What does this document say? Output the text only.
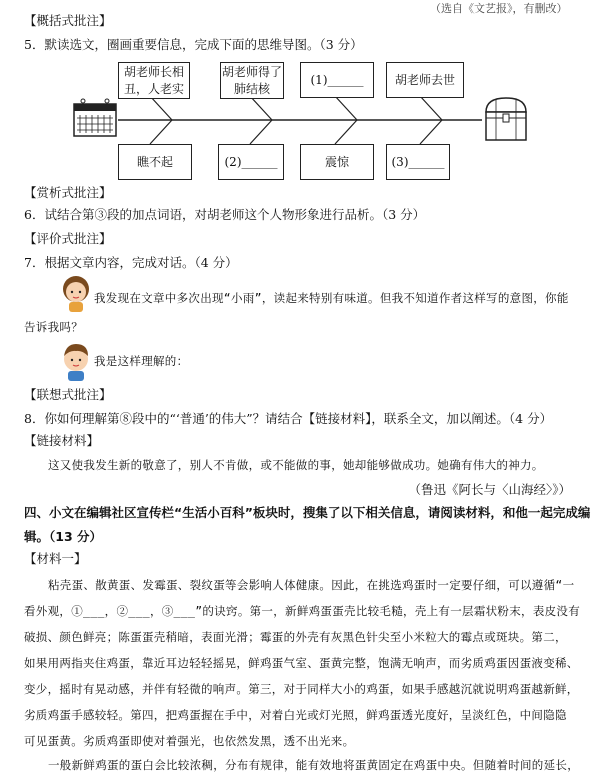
（选自《文艺报》，有删改）
【概括式批注】
5．默读选文，圈画重要信息，完成下面的思维导图。（3 分）
胡老师长相丑，人老实
胡老师得了肺结核
(1)______	胡老师去世
瞧不起	(2)______	震惊	(3)______
【赏析式批注】
6．试结合第③段的加点词语，对胡老师这个人物形象进行品析。（3 分）
【评价式批注】
7．根据文章内容，完成对话。（4 分）
我发现在文章中多次出现“小雨”，读起来特别有味道。但我不知道作者这样写的意图，你能
告诉我吗？
我是这样理解的：
【联想式批注】
8．你如何理解第⑧段中的“‘普通’的伟大”？请结合【链接材料】，联系全文，加以阐述。（4 分）
【链接材料】
这又使我发生新的敬意了，别人不肯做，或不能做的事，她却能够做成功。她确有伟大的神力。
（鲁迅《阿长与〈山海经〉》）
四、小文在编辑社区宣传栏“生活小百科”板块时，搜集了以下相关信息，请阅读材料，和他一起完成编
辑。（13 分）
【材料一】
粘壳蛋、散黄蛋、发霉蛋、裂纹蛋等会影响人体健康。因此，在挑选鸡蛋时一定要仔细，可以遵循“一
看外观，①___，②___，③___”的诀窍。第一，新鲜鸡蛋蛋壳比较毛糙，壳上有一层霜状粉末，表皮没有
破损、颜色鲜亮；陈蛋蛋壳稍暗，表面光滑；霉蛋的外壳有灰黑色针尖至小米粒大的霉点或斑块。第二，
如果用两指夹住鸡蛋，靠近耳边轻轻摇晃，鲜鸡蛋气室、蛋黄完整，饱满无响声，而劣质鸡蛋因蛋液变稀、
变少，摇时有晃动感，并伴有轻微的响声。第三，对于同样大小的鸡蛋，如果手感越沉就说明鸡蛋越新鲜，
劣质鸡蛋手感较轻。第四，把鸡蛋握在手中，对着白光或灯光照，鲜鸡蛋透光度好，呈淡红色，中间隐隐
可见蛋黄。劣质鸡蛋即使对着强光，也依然发黑，透不出光来。
一般新鲜鸡蛋的蛋白会比较浓稠，分布有规律，能有效地将蛋黄固定在鸡蛋中央。但随着时间的延长，
